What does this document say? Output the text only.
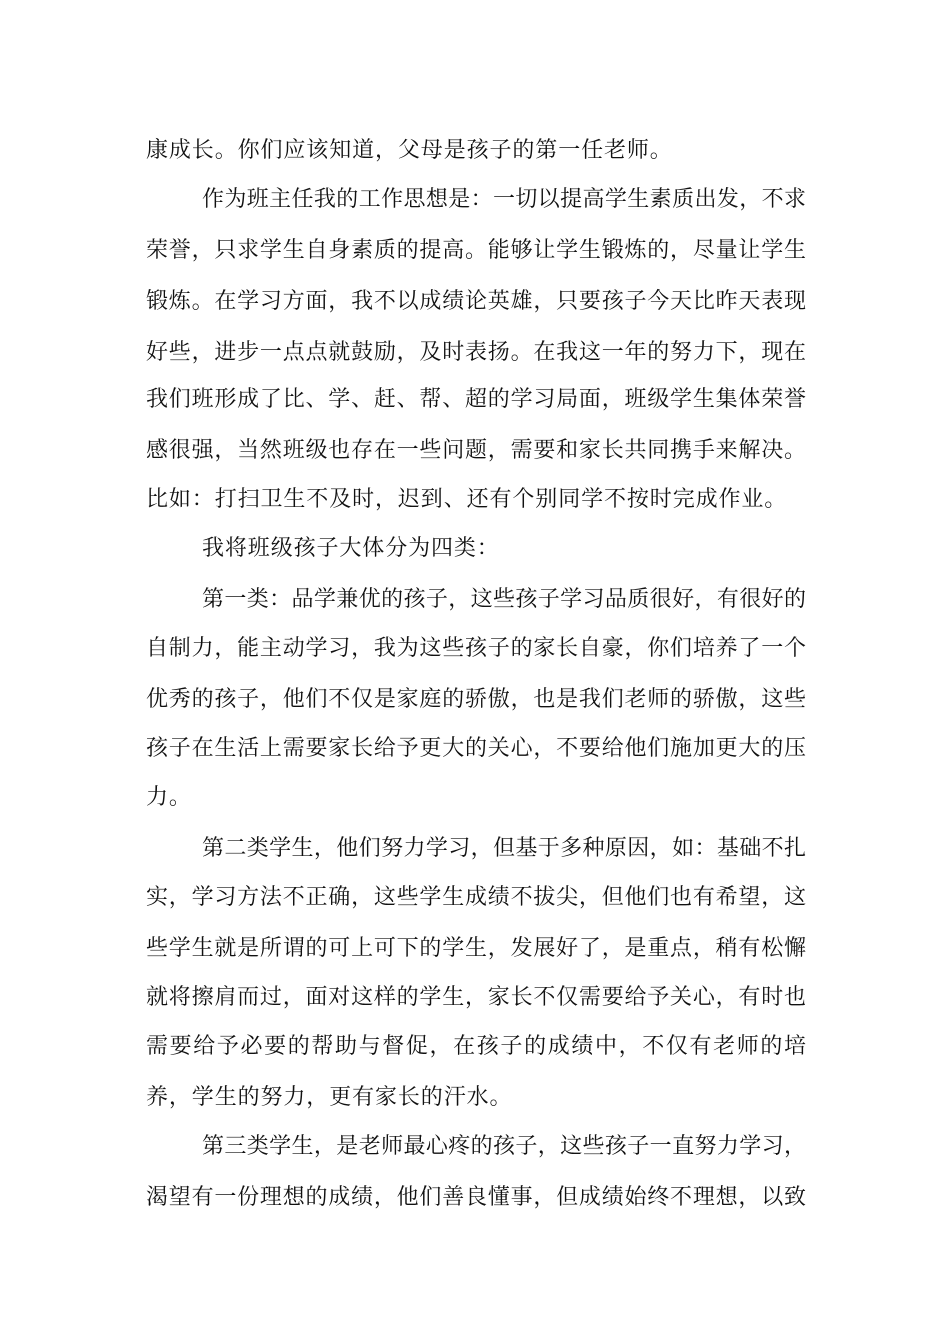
康成长。你们应该知道，父母是孩子的第一任老师。
作为班主任我的工作思想是：一切以提高学生素质出发，不求
荣誉，只求学生自身素质的提高。能够让学生锻炼的，尽量让学生
锻炼。在学习方面，我不以成绩论英雄，只要孩子今天比昨天表现
好些，进步一点点就鼓励，及时表扬。在我这一年的努力下，现在
我们班形成了比、学、赶、帮、超的学习局面，班级学生集体荣誉
感很强，当然班级也存在一些问题，需要和家长共同携手来解决。
比如：打扫卫生不及时，迟到、还有个别同学不按时完成作业。
我将班级孩子大体分为四类：
第一类：品学兼优的孩子，这些孩子学习品质很好，有很好的
自制力，能主动学习，我为这些孩子的家长自豪，你们培养了一个
优秀的孩子，他们不仅是家庭的骄傲，也是我们老师的骄傲，这些
孩子在生活上需要家长给予更大的关心，不要给他们施加更大的压
力。
第二类学生，他们努力学习，但基于多种原因，如：基础不扎
实，学习方法不正确，这些学生成绩不拔尖，但他们也有希望，这
些学生就是所谓的可上可下的学生，发展好了，是重点，稍有松懈
就将擦肩而过，面对这样的学生，家长不仅需要给予关心，有时也
需要给予必要的帮助与督促，在孩子的成绩中，不仅有老师的培
养，学生的努力，更有家长的汗水。
第三类学生，是老师最心疼的孩子，这些孩子一直努力学习，
渴望有一份理想的成绩，他们善良懂事，但成绩始终不理想，以致
